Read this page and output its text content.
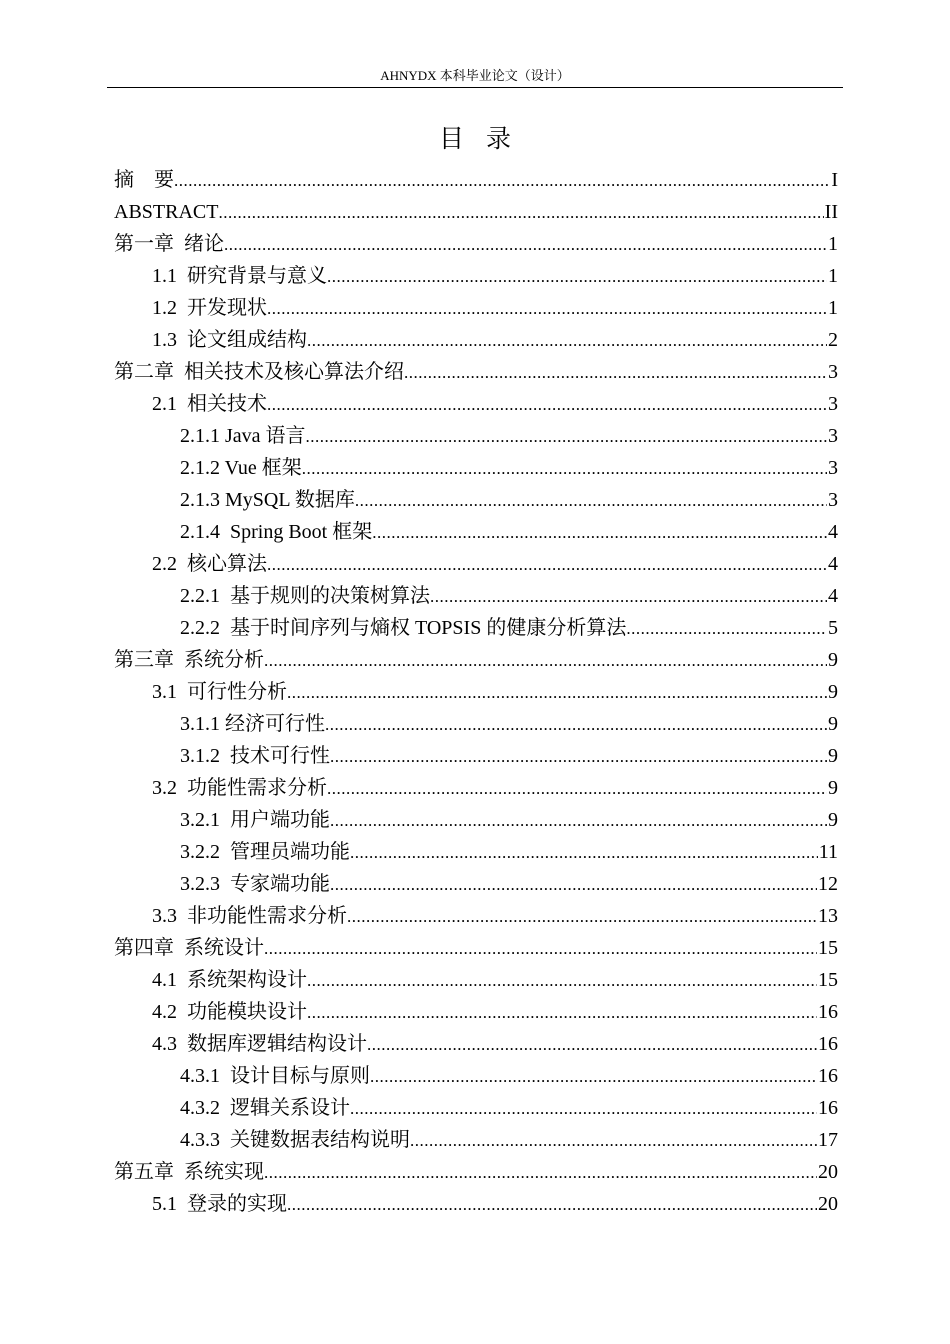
AHNYDX 本科毕业论文（设计）
目录
摘    要 .....	I
ABSTRACT .....	II
第一章  绪论 .....	1
1.1  研究背景与意义 .....	1
1.2  开发现状 .....	1
1.3  论文组成结构 .....	2
第二章  相关技术及核心算法介绍 .....	3
2.1  相关技术 .....	3
2.1.1 Java 语言 .....	3
2.1.2 Vue 框架 .....	3
2.1.3 MySQL 数据库 .....	3
2.1.4  Spring Boot 框架 .....	4
2.2  核心算法 .....	4
2.2.1  基于规则的决策树算法 .....	4
2.2.2  基于时间序列与熵权 TOPSIS 的健康分析算法 .....	5
第三章  系统分析 .....	9
3.1  可行性分析 .....	9
3.1.1 经济可行性 .....	9
3.1.2  技术可行性 .....	9
3.2  功能性需求分析 .....	9
3.2.1  用户端功能 .....	9
3.2.2  管理员端功能 .....	11
3.2.3  专家端功能 .....	12
3.3  非功能性需求分析 .....	13
第四章  系统设计 .....	15
4.1  系统架构设计 .....	15
4.2  功能模块设计 .....	16
4.3  数据库逻辑结构设计 .....	16
4.3.1  设计目标与原则 .....	16
4.3.2  逻辑关系设计 .....	16
4.3.3  关键数据表结构说明 .....	17
第五章  系统实现 .....	20
5.1  登录的实现 .....	20
